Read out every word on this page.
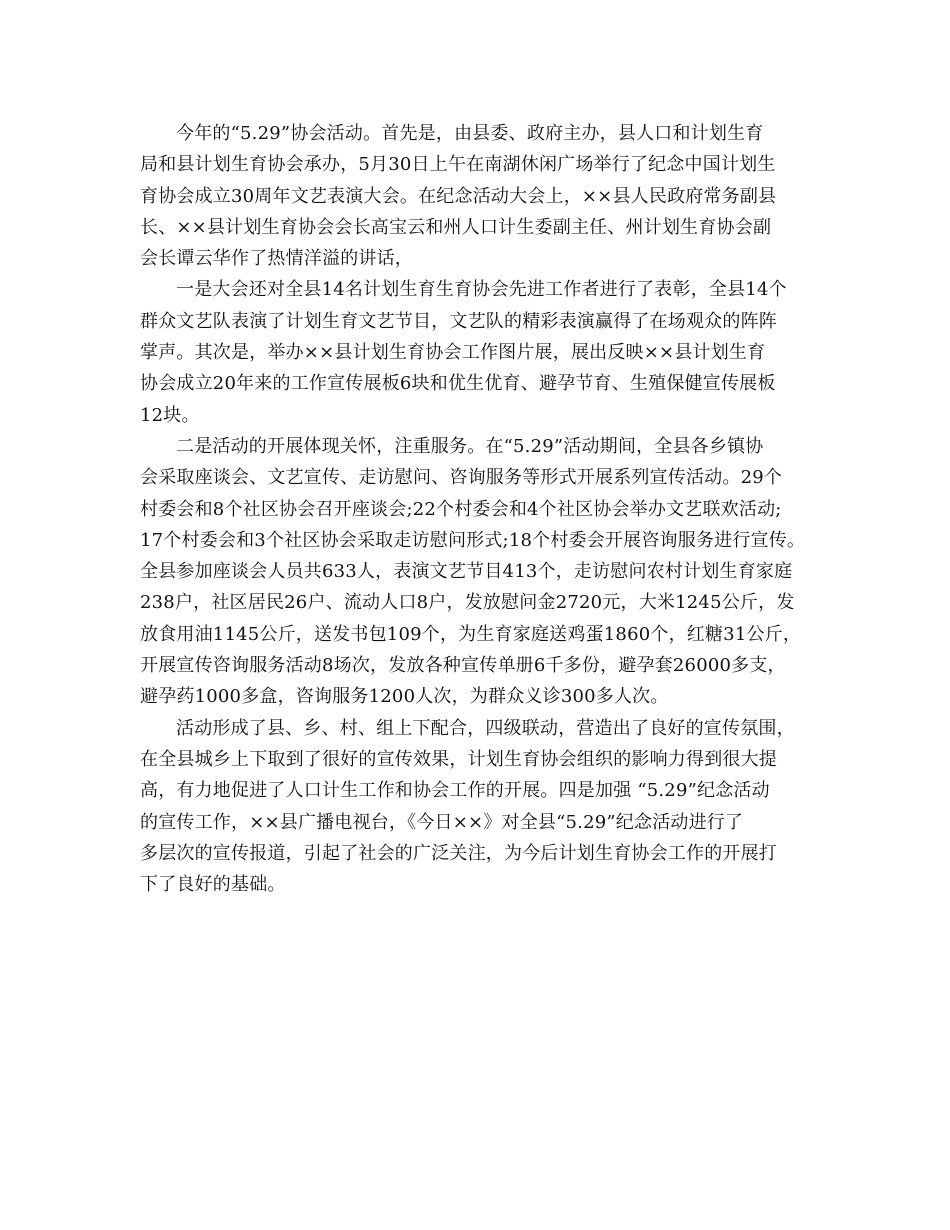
今年的“5.29”协会活动。首先是，由县委、政府主办，县人口和计划生育
局和县计划生育协会承办，5月30日上午在南湖休闲广场举行了纪念中国计划生
育协会成立30周年文艺表演大会。在纪念活动大会上，××县人民政府常务副县
长、××县计划生育协会会长高宝云和州人口计生委副主任、州计划生育协会副
会长谭云华作了热情洋溢的讲话，

一是大会还对全县14名计划生育生育协会先进工作者进行了表彰，全县14个
群众文艺队表演了计划生育文艺节目，文艺队的精彩表演赢得了在场观众的阵阵
掌声。其次是，举办××县计划生育协会工作图片展，展出反映××县计划生育
协会成立20年来的工作宣传展板6块和优生优育、避孕节育、生殖保健宣传展板
12块。

二是活动的开展体现关怀，注重服务。在“5.29”活动期间，全县各乡镇协
会采取座谈会、文艺宣传、走访慰问、咨询服务等形式开展系列宣传活动。29个
村委会和8个社区协会召开座谈会;22个村委会和4个社区协会举办文艺联欢活动;
17个村委会和3个社区协会采取走访慰问形式;18个村委会开展咨询服务进行宣传。
全县参加座谈会人员共633人，表演文艺节目413个，走访慰问农村计划生育家庭
238户，社区居民26户、流动人口8户，发放慰问金2720元，大米1245公斤，发
放食用油1145公斤，送发书包109个，为生育家庭送鸡蛋1860个，红糖31公斤，
开展宣传咨询服务活动8场次，发放各种宣传单册6千多份，避孕套26000多支，
避孕药1000多盒，咨询服务1200人次，为群众义诊300多人次。

活动形成了县、乡、村、组上下配合，四级联动，营造出了良好的宣传氛围，
在全县城乡上下取到了很好的宣传效果，计划生育协会组织的影响力得到很大提
高，有力地促进了人口计生工作和协会工作的开展。四是加强 “5.29”纪念活动
的宣传工作，××县广播电视台，《今日××》对全县“5.29”纪念活动进行了
多层次的宣传报道，引起了社会的广泛关注，为今后计划生育协会工作的开展打
下了良好的基础。
